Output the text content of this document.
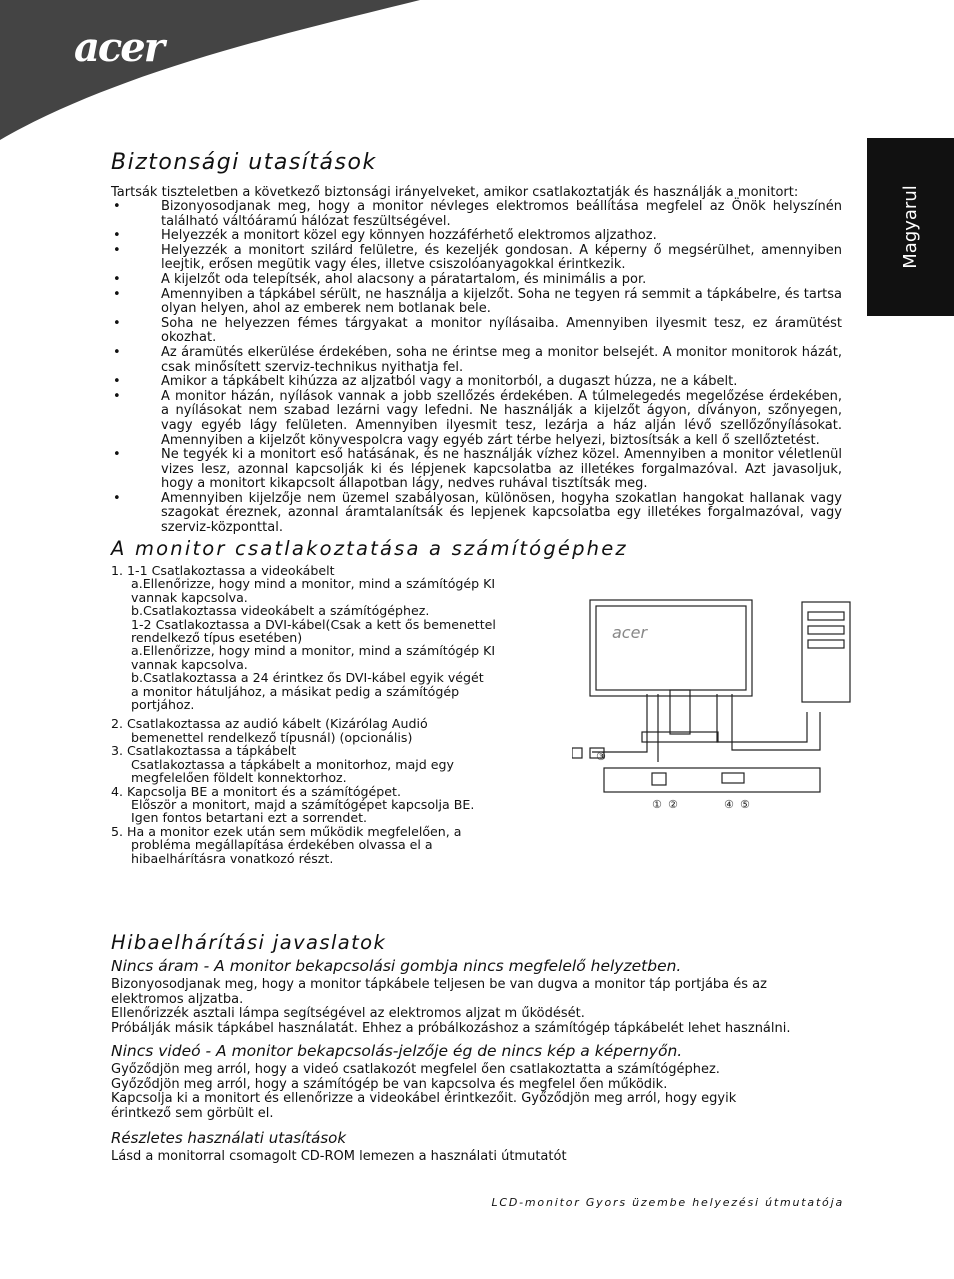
acer
Magyarul
Biztonsági utasítások
Tartsák tiszteletben a következő biztonsági irányelveket, amikor csatlakoztatják és használják a monitort:
• Bizonyosodjanak meg, hogy a monitor névleges elektromos beállítása megfelel az Önök helyszínén található váltóáramú hálózat feszültségével.
• Helyezzék a monitort közel egy könnyen hozzáférhető elektromos aljzathoz.
• Helyezzék a monitort szilárd felületre, és kezeljék gondosan. A képerny ő megsérülhet, amennyiben leejtik, erősen megütik vagy éles, illetve csiszolóanyagokkal érintkezik.
• A kijelzőt oda telepítsék, ahol alacsony a páratartalom, és minimális a por.
• Amennyiben a tápkábel sérült, ne használja a kijelzőt. Soha ne tegyen rá semmit a tápkábelre, és tartsa olyan helyen, ahol az emberek nem botlanak bele.
• Soha ne helyezzen fémes tárgyakat a monitor nyílásaiba. Amennyiben ilyesmit tesz, ez áramütést okozhat.
• Az áramütés elkerülése érdekében, soha ne érintse meg a monitor belsejét. A monitor monitorok házát, csak minősített szerviz-technikus nyithatja fel.
• Amikor a tápkábelt kihúzza az aljzatból vagy a monitorból, a dugaszt húzza, ne a kábelt.
• A monitor házán, nyílások vannak a jobb szellőzés érdekében. A túlmelegedés megelőzése érdekében, a nyílásokat nem szabad lezárni vagy lefedni. Ne használják a kijelzőt ágyon, díványon, szőnyegen, vagy egyéb lágy felületen. Amennyiben ilyesmit tesz, lezárja a ház alján lévő szellőzőnyílásokat. Amennyiben a kijelzőt könyvespolcra vagy egyéb zárt térbe helyezi, biztosítsák a kell ő szellőztetést.
• Ne tegyék ki a monitort eső hatásának, és ne használják vízhez közel. Amennyiben a monitor véletlenül vizes lesz, azonnal kapcsolják ki és lépjenek kapcsolatba az illetékes forgalmazóval. Azt javasoljuk, hogy a monitort kikapcsolt állapotban lágy, nedves ruhával tisztítsák meg.
• Amennyiben kijelzője nem üzemel szabályosan, különösen, hogyha szokatlan hangokat hallanak vagy szagokat éreznek, azonnal áramtalanítsák és lepjenek kapcsolatba egy illetékes forgalmazóval, vagy szerviz-központtal.
A monitor csatlakoztatása a számítógéphez

1. 1-1 Csatlakoztassa a videokábelt

a.Ellenőrizze, hogy mind a monitor, mind a számítógép KI

vannak kapcsolva.

b.Csatlakoztassa videokábelt a számítógéphez.

1-2 Csatlakoztassa a DVI-kábel(Csak a kett ős bemenettel

rendelkező típus esetében)

a.Ellenőrizze, hogy mind a monitor, mind a számítógép KI

vannak kapcsolva.

b.Csatlakoztassa a 24 érintkez ős DVI-kábel egyik végét

a monitor hátuljához, a másikat pedig a számítógép

portjához.

2. Csatlakoztassa az audió kábelt (Kizárólag Audió

bemenettel rendelkező típusnál) (opcionális)

3. Csatlakoztassa a tápkábelt

Csatlakoztassa a tápkábelt a monitorhoz, majd egy

megfelelően földelt konnektorhoz.

4. Kapcsolja BE a monitort és a számítógépet.

Először a monitort, majd a számítógépet kapcsolja BE.

Igen fontos betartani ezt a sorrendet.

5. Ha a monitor ezek után sem működik megfelelően, a

probléma megállapítása érdekében olvassa el a

hibaelhárításra vonatkozó részt.

acer
① ②
③
④ ⑤
Hibaelhárítási javaslatok
Nincs áram - A monitor bekapcsolási gombja nincs megfelelő helyzetben.

Bizonyosodjanak meg, hogy a monitor tápkábele teljesen be van dugva a monitor táp portjába és az

elektromos aljzatba.

Ellenőrizzék asztali lámpa segítségével az elektromos aljzat m űködését.

Próbálják másik tápkábel használatát. Ehhez a próbálkozáshoz a számítógép tápkábelét lehet használni.

Nincs videó - A monitor bekapcsolás-jelzője ég de nincs kép a képernyőn.

Győződjön meg arról, hogy a videó csatlakozót megfelel ően csatlakoztatta a számítógéphez.

Győződjön meg arról, hogy a számítógép be van kapcsolva és megfelel ően működik.

Kapcsolja ki a monitort és ellenőrizze a videokábel érintkezőit. Győződjön meg arról, hogy egyik

érintkező sem görbült el.

Részletes használati utasítások
Lásd a monitorral csomagolt CD-ROM lemezen a használati útmutatót
LCD-monitor Gyors üzembe helyezési útmutatója
